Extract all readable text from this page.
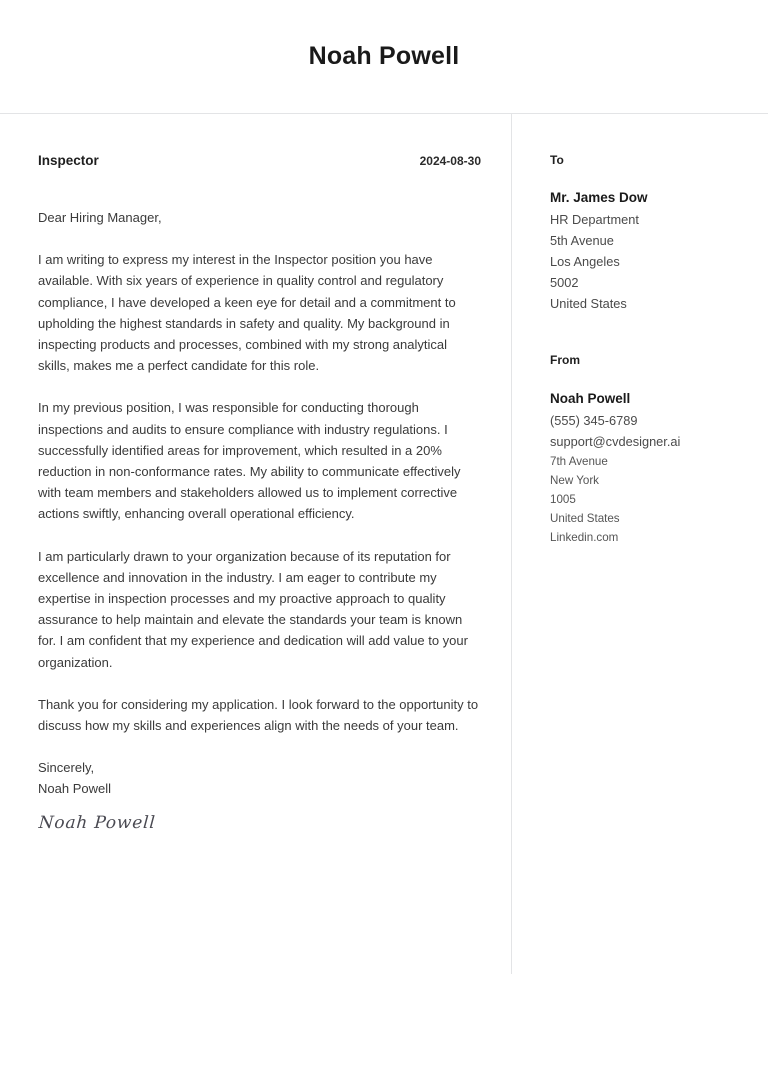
Noah Powell
Inspector	2024-08-30

Dear Hiring Manager,

I am writing to express my interest in the Inspector position you have available. With six years of experience in quality control and regulatory compliance, I have developed a keen eye for detail and a commitment to upholding the highest standards in safety and quality. My background in inspecting products and processes, combined with my strong analytical skills, makes me a perfect candidate for this role.

In my previous position, I was responsible for conducting thorough inspections and audits to ensure compliance with industry regulations. I successfully identified areas for improvement, which resulted in a 20% reduction in non-conformance rates. My ability to communicate effectively with team members and stakeholders allowed us to implement corrective actions swiftly, enhancing overall operational efficiency.

I am particularly drawn to your organization because of its reputation for excellence and innovation in the industry. I am eager to contribute my expertise in inspection processes and my proactive approach to quality assurance to help maintain and elevate the standards your team is known for. I am confident that my experience and dedication will add value to your organization.

Thank you for considering my application. I look forward to the opportunity to discuss how my skills and experiences align with the needs of your team.

Sincerely,
Noah Powell
Noah Powell
To
Mr. James Dow
HR Department
5th Avenue
Los Angeles
5002
United States
From
Noah Powell
(555) 345-6789
support@cvdesigner.ai
7th Avenue
New York
1005
United States
Linkedin.com
